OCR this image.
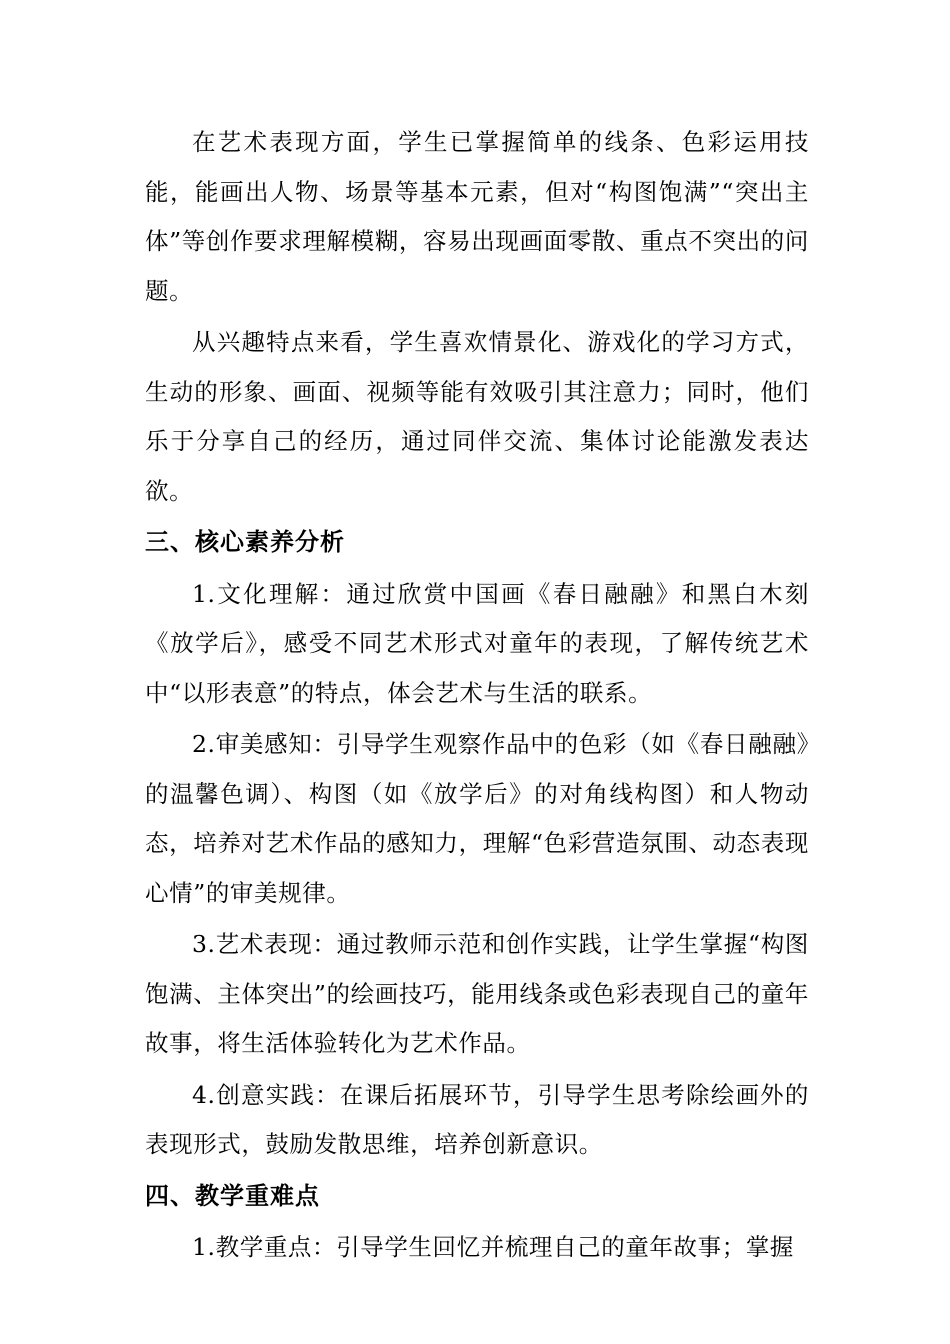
在艺术表现方面，学生已掌握简单的线条、色彩运用技能，能画出人物、场景等基本元素，但对“构图饱满”“突出主体”等创作要求理解模糊，容易出现画面零散、重点不突出的问题。

从兴趣特点来看，学生喜欢情景化、游戏化的学习方式，生动的形象、画面、视频等能有效吸引其注意力；同时，他们乐于分享自己的经历，通过同伴交流、集体讨论能激发表达欲。

三、核心素养分析

1.文化理解：通过欣赏中国画《春日融融》和黑白木刻《放学后》，感受不同艺术形式对童年的表现，了解传统艺术中“以形表意”的特点，体会艺术与生活的联系。

2.审美感知：引导学生观察作品中的色彩（如《春日融融》的温馨色调）、构图（如《放学后》的对角线构图）和人物动态，培养对艺术作品的感知力，理解“色彩营造氛围、动态表现心情”的审美规律。

3.艺术表现：通过教师示范和创作实践，让学生掌握“构图饱满、主体突出”的绘画技巧，能用线条或色彩表现自己的童年故事，将生活体验转化为艺术作品。

4.创意实践：在课后拓展环节，引导学生思考除绘画外的表现形式，鼓励发散思维，培养创新意识。

四、教学重难点

1.教学重点：引导学生回忆并梳理自己的童年故事；掌握
